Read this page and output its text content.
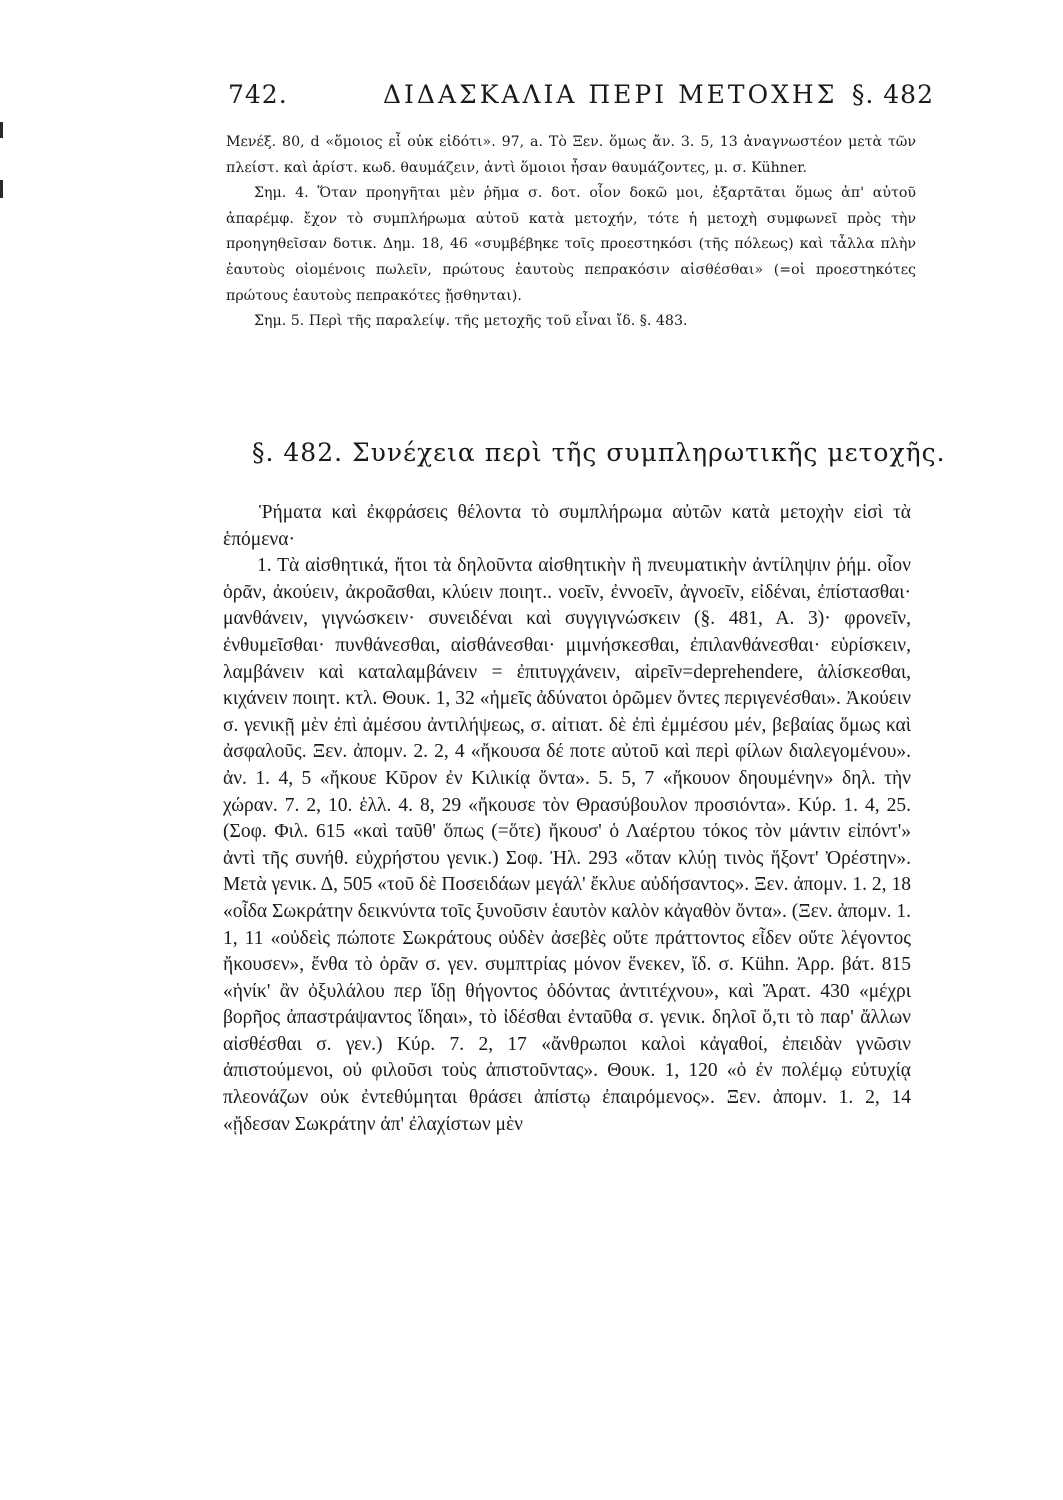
742.	ΔΙΔΑΣΚΑΛΙΑ ΠΕΡΙ ΜΕΤΟΧΗΣ §. 482

Μενέξ. 80, d «ὅμοιος εἶ οὐκ εἰδότι». 97, a. Τὸ Ξεν. ὅμως ἄν. 3. 5, 13 ἀναγνωστέον μετὰ τῶν πλείστ. καὶ ἀρίστ. κωδ. θαυμάζειν, ἀντὶ ὅμοιοι ἦσαν θαυμάζοντες, μ. σ. Kühner.

Σημ. 4. Ὅταν προηγῆται μὲν ῥῆμα σ. δοτ. οἷον δοκῶ μοι, ἐξαρτᾶται ὅμως ἀπ' αὐτοῦ ἀπαρέμφ. ἔχον τὸ συμπλήρωμα αὐτοῦ κατὰ μετοχήν, τότε ἡ μετοχὴ συμφωνεῖ πρὸς τὴν προηγηθεῖσαν δοτικ. Δημ. 18, 46 «συμβέβηκε τοῖς προεστηκόσι (τῆς πόλεως) καὶ τἆλλα πλὴν ἑαυτοὺς οἰομένοις πωλεῖν, πρώτους ἑαυτοὺς πεπρακόσιν αἰσθέσθαι» (=οἱ προεστηκότες πρώτους ἑαυτοὺς πεπρακότες ᾔσθηνται).

Σημ. 5. Περὶ τῆς παραλείψ. τῆς μετοχῆς τοῦ εἶναι ἴδ. §. 483.

§. 482. Συνέχεια περὶ τῆς συμπληρωτικῆς μετοχῆς.

Ῥήματα καὶ ἐκφράσεις θέλοντα τὸ συμπλήρωμα αὐτῶν κατὰ μετοχὴν εἰσὶ τὰ ἑπόμενα·

1. Τὰ αἰσθητικά, ἤτοι τὰ δηλοῦντα αἰσθητικὴν ἢ πνευματικὴν ἀντίληψιν ῥήμ. οἷον ὁρᾶν, ἀκούειν, ἀκροᾶσθαι, κλύειν ποιητ.. νοεῖν, ἐννοεῖν, ἀγνοεῖν, εἰδέναι, ἐπίστασθαι· μανθάνειν, γιγνώσκειν· συνειδέναι καὶ συγγιγνώσκειν (§. 481, Α. 3)· φρονεῖν, ἐνθυμεῖσθαι· πυνθάνεσθαι, αἰσθάνεσθαι· μιμνήσκεσθαι, ἐπιλανθάνεσθαι· εὑρίσκειν, λαμβάνειν καὶ καταλαμβάνειν = ἐπιτυγχάνειν, αἱρεῖν=deprehendere, ἁλίσκεσθαι, κιχάνειν ποιητ. κτλ. Θουκ. 1, 32 «ἡμεῖς ἀδύνατοι ὁρῶμεν ὄντες περιγενέσθαι». Ἀκούειν σ. γενικῇ μὲν ἐπὶ ἀμέσου ἀντιλήψεως, σ. αἰτιατ. δὲ ἐπὶ ἐμμέσου μέν, βεβαίας ὅμως καὶ ἀσφαλοῦς. Ξεν. ἀπομν. 2. 2, 4 «ἤκουσα δέ ποτε αὐτοῦ καὶ περὶ φίλων διαλεγομένου». ἀν. 1. 4, 5 «ἤκουε Κῦρον ἐν Κιλικίᾳ ὄντα». 5. 5, 7 «ἤκουον δηουμένην» δηλ. τὴν χώραν. 7. 2, 10. ἑλλ. 4. 8, 29 «ἤκουσε τὸν Θρασύβουλον προσιόντα». Κύρ. 1. 4, 25. (Σοφ. Φιλ. 615 «καὶ ταῦθ' ὅπως (=ὅτε) ἤκουσ' ὁ Λαέρτου τόκος τὸν μάντιν εἰπόντ'» ἀντὶ τῆς συνήθ. εὐχρήστου γενικ.) Σοφ. Ἠλ. 293 «ὅταν κλύῃ τινὸς ἥξοντ' Ὀρέστην». Μετὰ γενικ. Δ, 505 «τοῦ δὲ Ποσειδάων μεγάλ' ἔκλυε αὐδήσαντος». Ξεν. ἀπομν. 1. 2, 18 «οἶδα Σωκράτην δεικνύντα τοῖς ξυνοῦσιν ἑαυτὸν καλὸν κἀγαθὸν ὄντα». (Ξεν. ἀπομν. 1. 1, 11 «οὐδεὶς πώποτε Σωκράτους οὐδὲν ἀσεβὲς οὔτε πράττοντος εἶδεν οὔτε λέγοντος ἤκουσεν», ἔνθα τὸ ὁρᾶν σ. γεν. συμπτρίας μόνον ἕνεκεν, ἴδ. σ. Kühn. Ἀρρ. βάτ. 815 «ἡνίκ' ἂν ὀξυλάλου περ ἴδῃ θήγοντος ὀδόντας ἀντιτέχνου», καὶ Ἄρατ. 430 «μέχρι βορῆος ἀπαστράψαντος ἴδηαι», τὸ ἰδέσθαι ἐνταῦθα σ. γενικ. δηλοῖ ὅ,τι τὸ παρ' ἄλλων αἰσθέσθαι σ. γεν.) Κύρ. 7. 2, 17 «ἄνθρωποι καλοὶ κἀγαθοί, ἐπειδὰν γνῶσιν ἀπιστούμενοι, οὐ φιλοῦσι τοὺς ἀπιστοῦντας». Θουκ. 1, 120 «ὁ ἐν πολέμῳ εὐτυχίᾳ πλεονάζων οὐκ ἐντεθύμηται θράσει ἀπίστῳ ἐπαιρόμενος». Ξεν. ἀπομν. 1. 2, 14 «ᾔδεσαν Σωκράτην ἀπ' ἐλαχίστων μὲν
